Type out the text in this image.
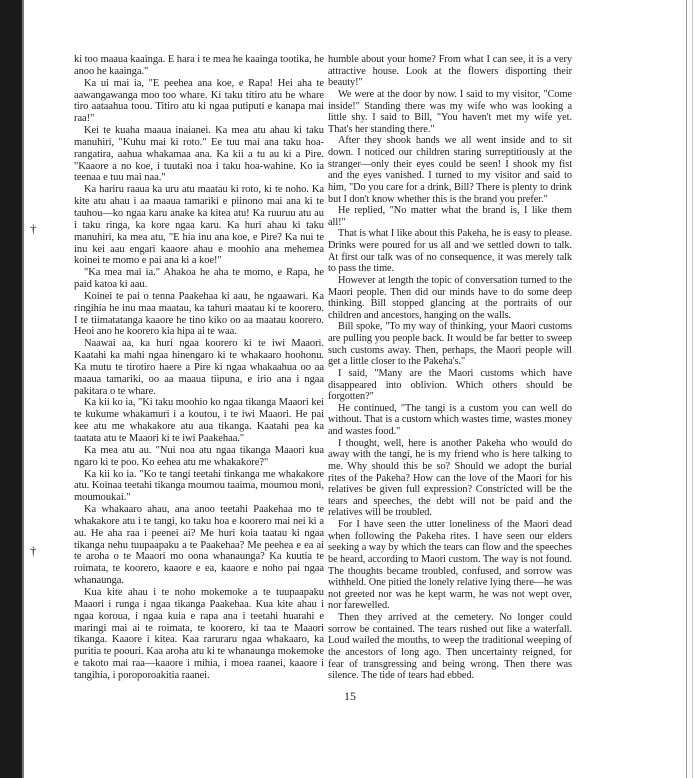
†
†

ki too maaua kaainga. E hara i te mea he kaainga tootika, he anoo he kaainga."

Ka ui mai ia, "E peehea ana koe, e Rapa! Hei aha te aawangawanga moo too whare. Ki taku titiro atu he whare tiro aataahua toou. Titiro atu ki ngaa putiputi e kanapa mai raa!"

Kei te kuaha maaua inaianei. Ka mea atu ahau ki taku manuhiri, "Kuhu mai ki roto." Ee tuu mai ana taku hoa-rangatira, aahua whakamaa ana. Ka kii a tu au ki a Pire. "Kaaore a no koe, i tuutaki noa i taku hoa-wahine. Ko ia teenaa e tuu mai naa."

Ka hariru raaua ka uru atu maatau ki roto, ki te noho. Ka kite atu ahau i aa maaua tamariki e piinono mai ana ki te tauhou—ko ngaa karu anake ka kitea atu! Ka ruuruu atu au i taku ringa, ka kore ngaa karu. Ka huri ahau ki taku manuhiri, ka mea atu, "E hia inu ana koe, e Pire? Ka nui te inu kei aau engari kaaore ahau e moohio ana mehemea koinei te momo e pai ana ki a koe!"

"Ka mea mai ia." Ahakoa he aha te momo, e Rapa, he paid katoa ki aau.

Koinei te pai o tenna Paakehaa ki aau, he ngaawari. Ka ringihia he inu maa maatau, ka tahuri maatau ki te koorero. I te tiimatatanga kaaore he tino kiko oo aa maatau koorero. Heoi ano he koorero kia hipa ai te waa.

Naawai aa, ka huri ngaa koorero ki te iwi Maaori. Kaatahi ka mahi ngaa hinengaro ki te whakaaro hoohonu. Ka mutu te tirotiro haere a Pire ki ngaa whakaahua oo aa maaua tamariki, oo aa maaua tiipuna, e irio ana i ngaa pakitara o te whare.

Ka kii ko ia, "Ki taku moohio ko ngaa tikanga Maaori kei te kukume whakamuri i a koutou, i te iwi Maaori. He pai kee atu me whakakore atu aua tikanga. Kaatahi pea ka taatata atu te Maaori ki te iwi Paakehaa."

Ka mea atu au. "Nui noa atu ngaa tikanga Maaori kua ngaro ki te poo. Ko eehea atu me whakakore?"

Ka kii ko ia. "Ko te tangi teetahi tinkanga me whakakore atu. Koinaa teetahi tikanga moumou taaima, moumou moni, moumoukai."

Ka whakaaro ahau, ana anoo teetahi Paakehaa mo te whakakore atu i te tangi, ko taku hoa e koorero mai nei ki a au. He aha raa i peenei ai? Me huri koia taatau ki ngaa tikanga nehu tuupaapaku a te Paakehaa? Me peehea e ea ai te aroha o te Maaori mo oona whanaunga? Ka kuutia te roimata, te koorero, kaaore e ea, kaaore e noho pai ngaa whanaunga.

Kua kite ahau i te noho mokemoke a te tuupaapaku Maaori i runga i ngaa tikanga Paakehaa. Kua kite ahau i ngaa koroua, i ngaa kuia e rapa ana i teetahi huarahi e maringi mai ai te roimata, te koorero, ki taa te Maaori tikanga. Kaaore i kitea. Kaa raruraru ngaa whakaaro, ka puritia te poouri. Kaa aroha atu ki te whanaunga mokemoke e takoto mai raa—kaaore i mihia, i moea raanei, kaaore i tangihia, i poroporoakitia raanei.

humble about your home? From what I can see, it is a very attractive house. Look at the flowers disporting their beauty!"

We were at the door by now. I said to my visitor, "Come inside!" Standing there was my wife who was looking a little shy. I said to Bill, "You haven't met my wife yet. That's her standing there."

After they shook hands we all went inside and to sit down. I noticed our children staring surreptitiously at the stranger—only their eyes could be seen! I shook my fist and the eyes vanished. I turned to my visitor and said to him, "Do you care for a drink, Bill? There is plenty to drink but I don't know whether this is the brand you prefer."

He replied, "No matter what the brand is, I like them all!"

That is what I like about this Pakeha, he is easy to please. Drinks were poured for us all and we settled down to talk. At first our talk was of no consequence, it was merely talk to pass the time.

However at length the topic of conversation turned to the Maori people. Then did our minds have to do some deep thinking. Bill stopped glancing at the portraits of our children and ancestors, hanging on the walls.

Bill spoke, "To my way of thinking, your Maori customs are pulling you people back. It would be far better to sweep such customs away. Then, perhaps, the Maori people will get a little closer to the Pakeha's."

I said, "Many are the Maori customs which have disappeared into oblivion. Which others should be forgotten?"

He continued, "The tangi is a custom you can well do without. That is a custom which wastes time, wastes money and wastes food."

I thought, well, here is another Pakeha who would do away with the tangi, he is my friend who is here talking to me. Why should this be so? Should we adopt the burial rites of the Pakeha? How can the love of the Maori for his relatives be given full expression? Constricted will be the tears and speeches, the debt will not be paid and the relatives will be troubled.

For I have seen the utter loneliness of the Maori dead when following the Pakeha rites. I have seen our elders seeking a way by which the tears can flow and the speeches be heard, according to Maori custom. The way is not found. The thoughts became troubled, confused, and sorrow was withheld. One pitied the lonely relative lying there—he was not greeted nor was he kept warm, he was not wept over, nor farewelled.

Then they arrived at the cemetery. No longer could sorrow be contained. The tears rushed out like a waterfall. Loud wailed the mouths, to weep the traditional weeping of the ancestors of long ago. Then uncertainty reigned, for fear of transgressing and being wrong. Then there was silence. The tide of tears had ebbed.

15
